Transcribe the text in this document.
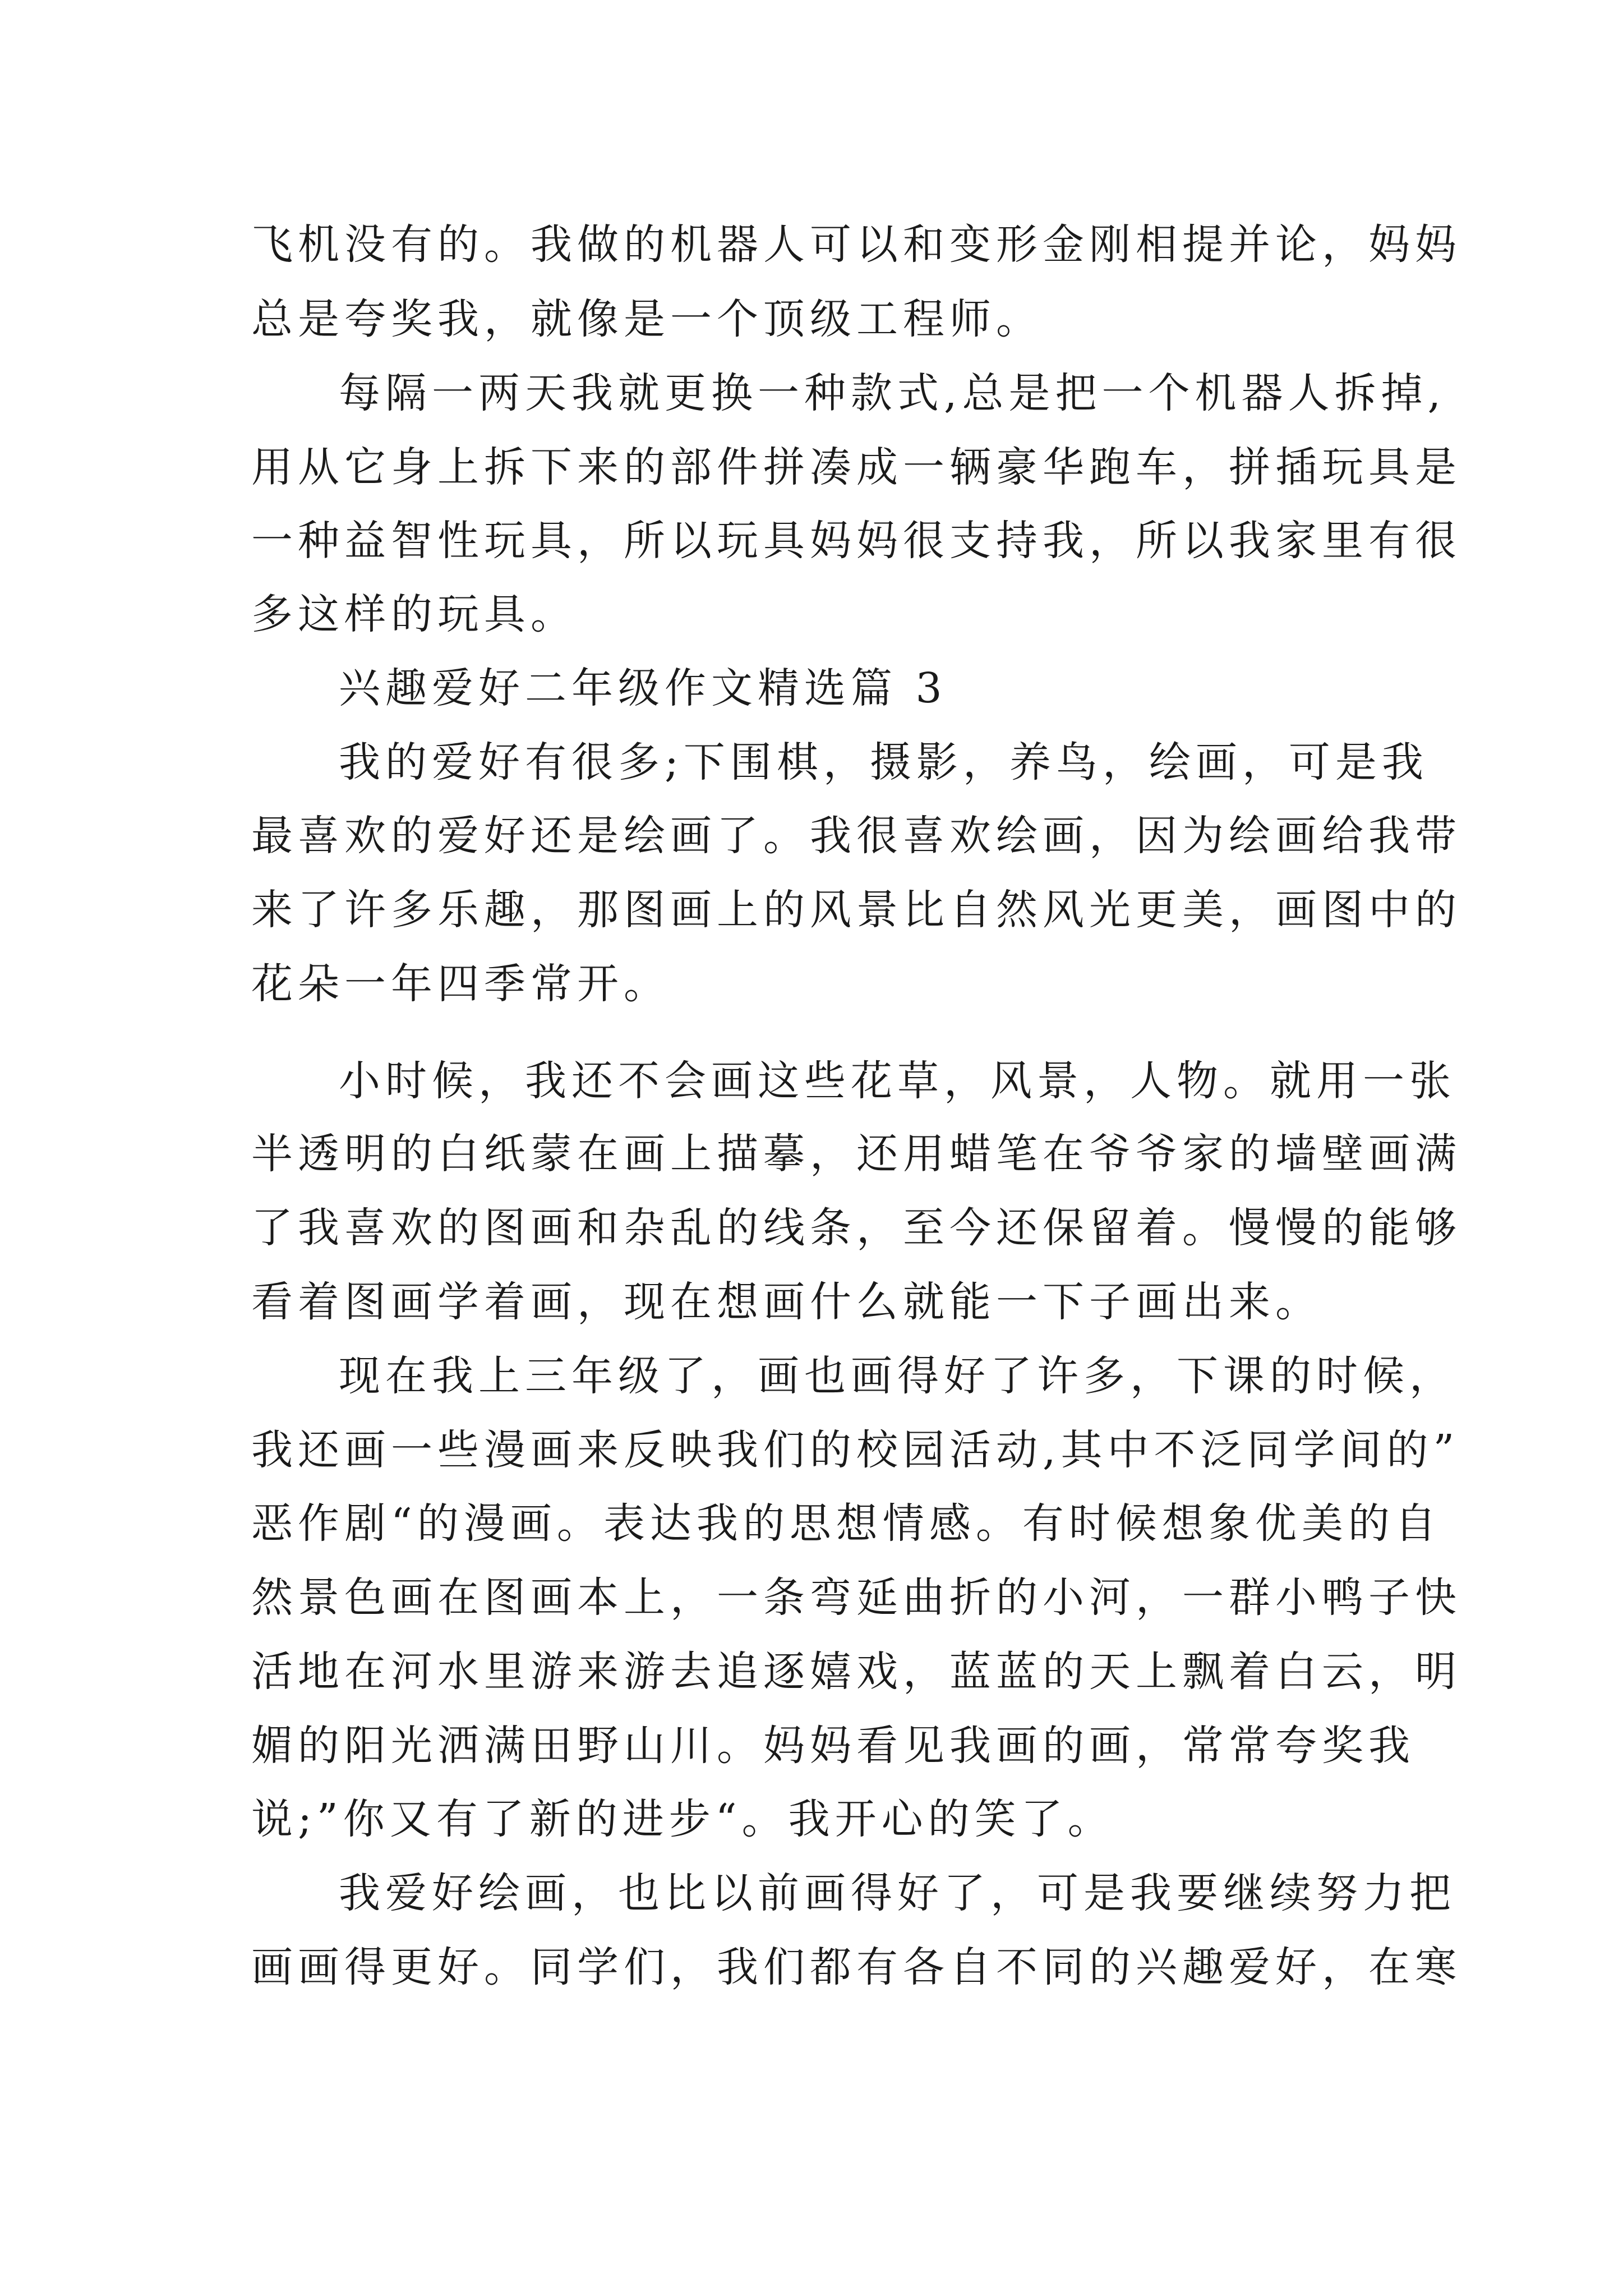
飞机没有的。我做的机器人可以和变形金刚相提并论，妈妈
总是夸奖我，就像是一个顶级工程师。
每隔一两天我就更换一种款式,总是把一个机器人拆掉,
用从它身上拆下来的部件拼凑成一辆豪华跑车，拼插玩具是
一种益智性玩具，所以玩具妈妈很支持我，所以我家里有很
多这样的玩具。
兴趣爱好二年级作文精选篇 3
我的爱好有很多;下围棋，摄影，养鸟，绘画，可是我
最喜欢的爱好还是绘画了。我很喜欢绘画，因为绘画给我带
来了许多乐趣，那图画上的风景比自然风光更美，画图中的
花朵一年四季常开。
小时候，我还不会画这些花草，风景，人物。就用一张
半透明的白纸蒙在画上描摹，还用蜡笔在爷爷家的墙壁画满
了我喜欢的图画和杂乱的线条，至今还保留着。慢慢的能够
看着图画学着画，现在想画什么就能一下子画出来。
现在我上三年级了，画也画得好了许多，下课的时候，
我还画一些漫画来反映我们的校园活动,其中不泛同学间的”
恶作剧“的漫画。表达我的思想情感。有时候想象优美的自
然景色画在图画本上，一条弯延曲折的小河，一群小鸭子快
活地在河水里游来游去追逐嬉戏，蓝蓝的天上飘着白云，明
媚的阳光洒满田野山川。妈妈看见我画的画，常常夸奖我
说;”你又有了新的进步“。我开心的笑了。
我爱好绘画，也比以前画得好了，可是我要继续努力把
画画得更好。同学们，我们都有各自不同的兴趣爱好，在寒
